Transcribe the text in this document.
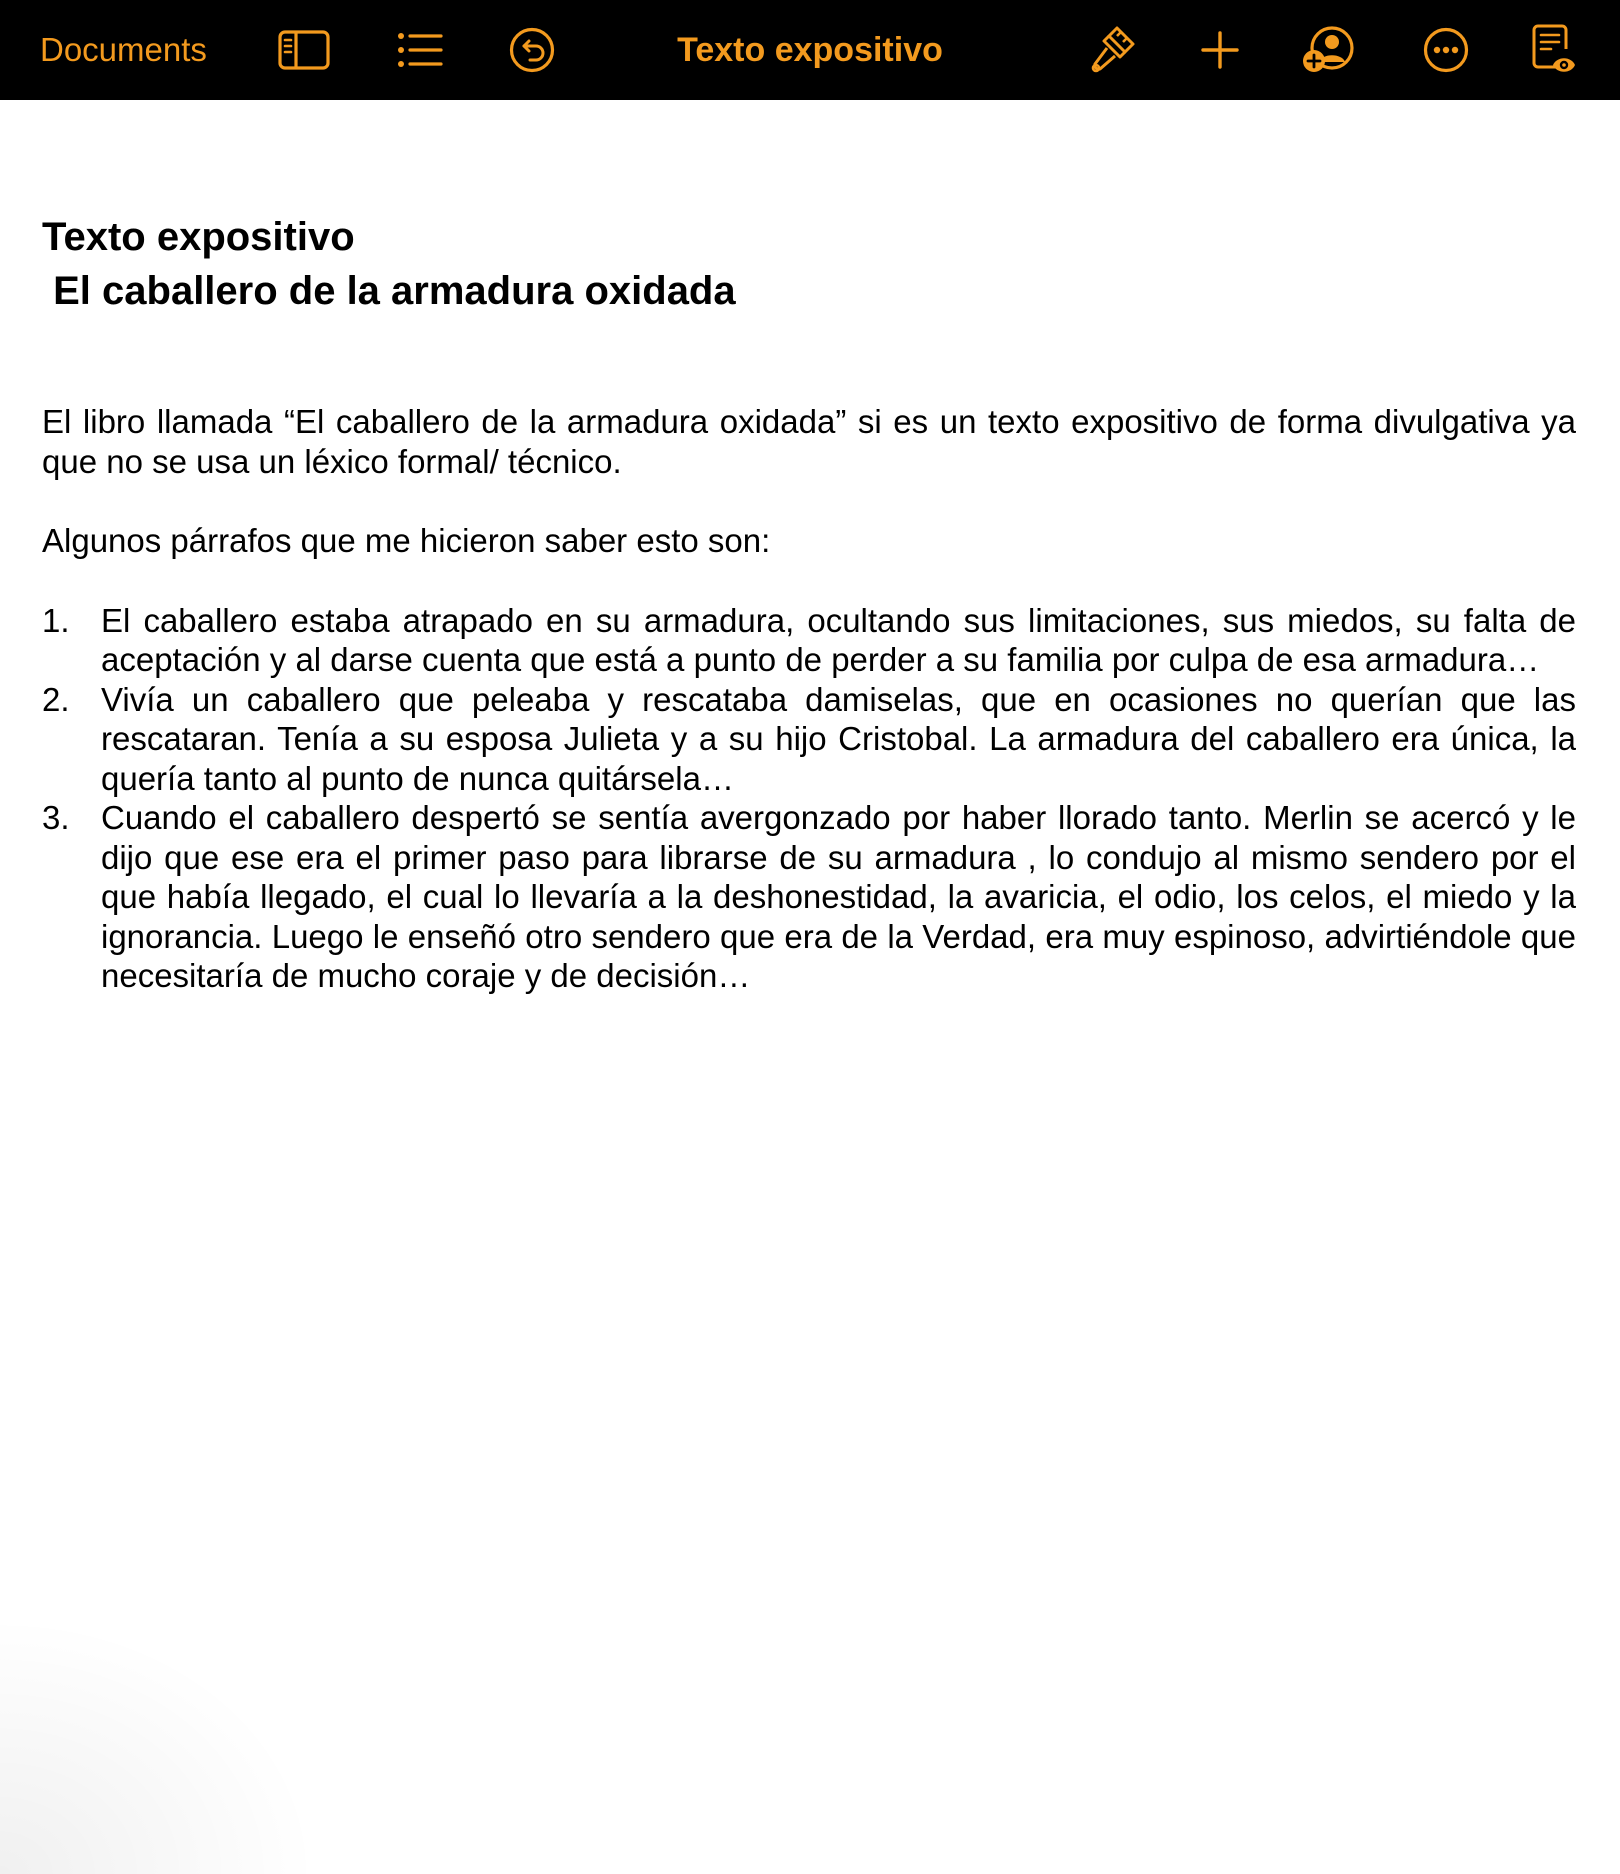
Documents	Texto expositivo
Texto expositivo
El caballero de la armadura oxidada

El libro llamada “El caballero de la armadura oxidada” si es un texto expositivo de forma divulgativa ya que no se usa un léxico formal/ técnico.

Algunos párrafos que me hicieron saber esto son:

1. El caballero estaba atrapado en su armadura, ocultando sus limitaciones, sus miedos, su falta de aceptación y al darse cuenta que está a punto de perder a su familia por culpa de esa armadura…
2. Vivía un caballero que peleaba y rescataba damiselas, que en ocasiones no querían que las rescataran. Tenía a su esposa Julieta y a su hijo Cristobal. La armadura del caballero era única, la quería tanto al punto de nunca quitársela…
3. Cuando el caballero despertó se sentía avergonzado por haber llorado tanto. Merlin se acercó y le dijo que ese era el primer paso para librarse de su armadura , lo condujo al mismo sendero por el que había llegado, el cual lo llevaría a la deshonestidad, la avaricia, el odio, los celos, el miedo y la ignorancia. Luego le enseñó otro sendero que era de la Verdad, era muy espinoso, advirtiéndole que necesitaría de mucho coraje y de decisión…
